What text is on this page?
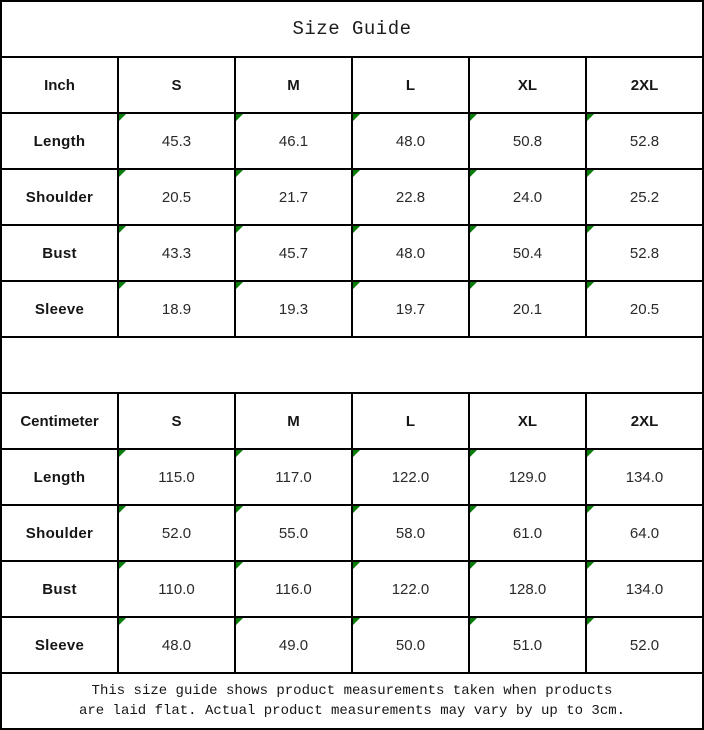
Size Guide
Inch	S	M	L	XL	2XL
Length	45.3	46.1	48.0	50.8	52.8
Shoulder	20.5	21.7	22.8	24.0	25.2
Bust	43.3	45.7	48.0	50.4	52.8
Sleeve	18.9	19.3	19.7	20.1	20.5
Centimeter	S	M	L	XL	2XL
Length	115.0	117.0	122.0	129.0	134.0
Shoulder	52.0	55.0	58.0	61.0	64.0
Bust	110.0	116.0	122.0	128.0	134.0
Sleeve	48.0	49.0	50.0	51.0	52.0
This size guide shows product measurements taken when products
are laid flat. Actual product measurements may vary by up to 3cm.
